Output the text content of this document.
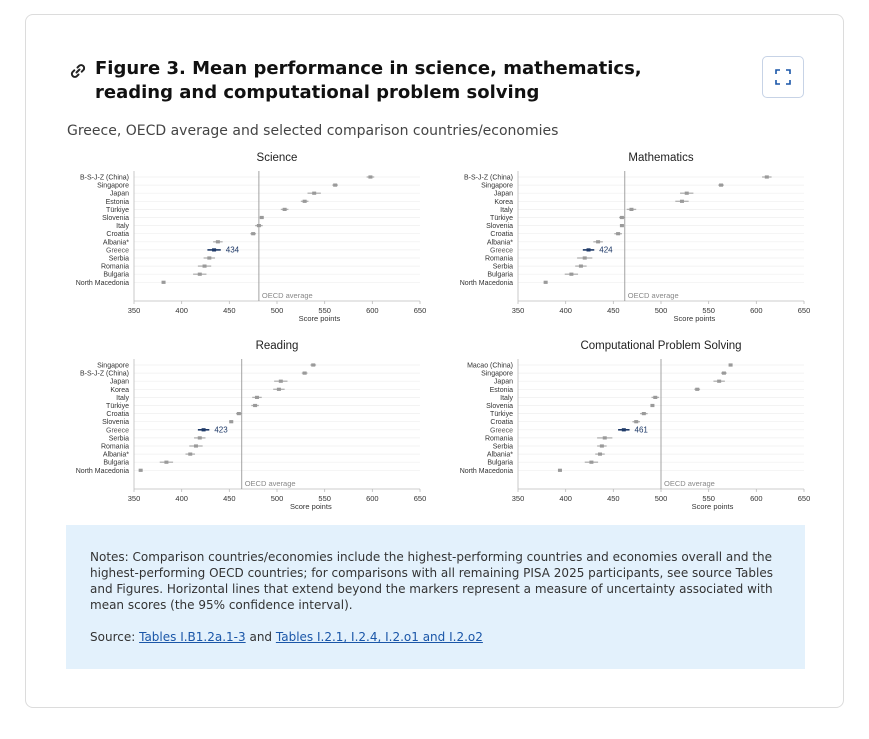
Figure 3. Mean performance in science, mathematics, reading and computational problem solving
Greece, OECD average and selected comparison countries/economies
Science
OECD average
B-S-J-Z (China)
Singapore
Japan
Estonia
Türkiye
Slovenia
Italy
Croatia
Albania*
Greece	434
Serbia
Romania
Bulgaria
North Macedonia
350	400	450	500	550	600	650
Score points
Mathematics
OECD average
B-S-J-Z (China)
Singapore
Japan
Korea
Italy
Türkiye
Slovenia
Croatia
Albania*
Greece	424
Romania
Serbia
Bulgaria
North Macedonia
350	400	450	500	550	600	650
Score points
Reading
OECD average
Singapore
B-S-J-Z (China)
Japan
Korea
Italy
Türkiye
Croatia
Slovenia
Greece	423
Serbia
Romania
Albania*
Bulgaria
North Macedonia
350	400	450	500	550	600	650
Score points
Computational Problem Solving
OECD average
Macao (China)
Singapore
Japan
Estonia
Italy
Slovenia
Türkiye
Croatia
Greece	461
Romania
Serbia
Albania*
Bulgaria
North Macedonia
350	400	450	500	550	600	650
Score points

Notes: Comparison countries/economies include the highest-performing countries and economies overall and the highest-performing OECD countries; for comparisons with all remaining PISA 2025 participants, see source Tables and Figures. Horizontal lines that extend beyond the markers represent a measure of uncertainty associated with mean scores (the 95% confidence interval).

Source: Tables I.B1.2a.1-3 and Tables I.2.1, I.2.4, I.2.o1 and I.2.o2
